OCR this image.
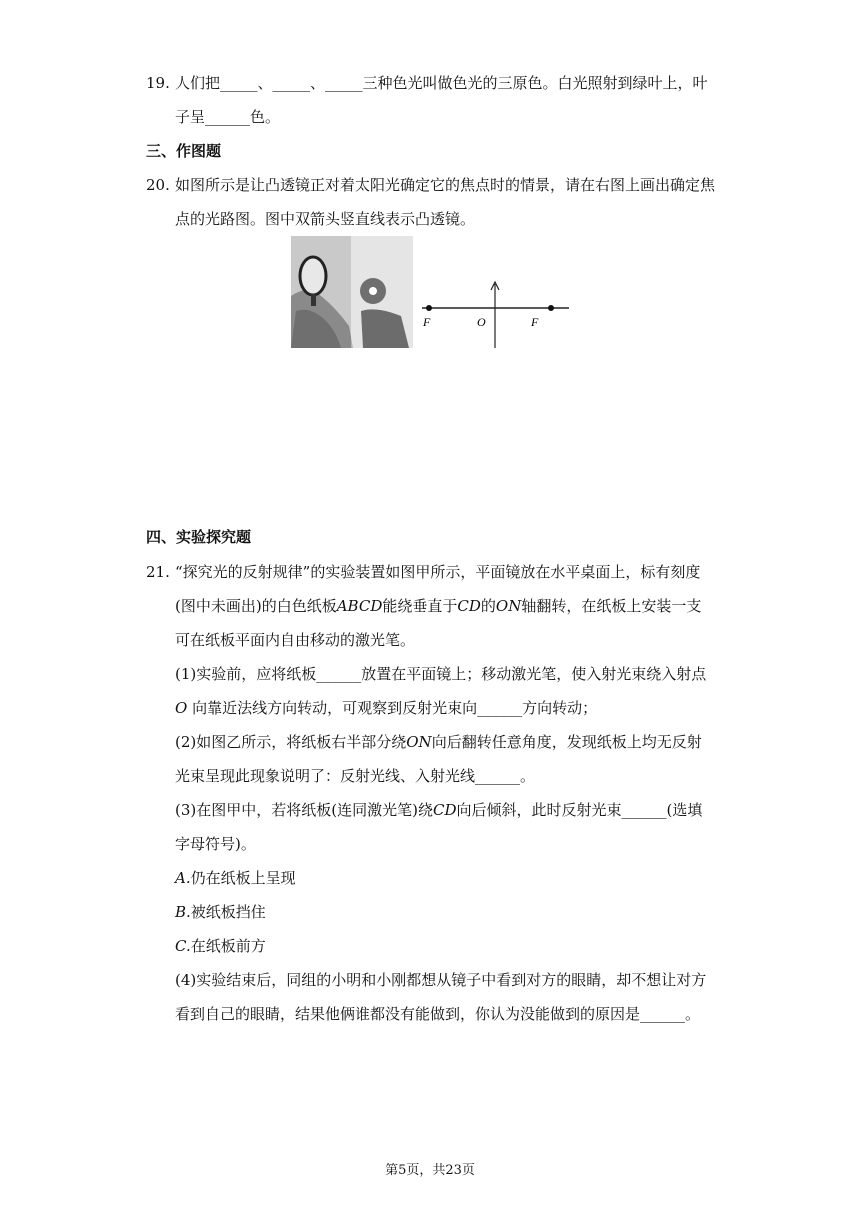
19. 人们把_____、_____、_____三种色光叫做色光的三原色。白光照射到绿叶上，叶
子呈______色。
三、作图题
20. 如图所示是让凸透镜正对着太阳光确定它的焦点时的情景，请在右图上画出确定焦
点的光路图。图中双箭头竖直线表示凸透镜。
F	O	F
四、实验探究题
21. “探究光的反射规律”的实验装置如图甲所示，平面镜放在水平桌面上，标有刻度
(图中未画出)的白色纸板ABCD能绕垂直于CD的ON轴翻转，在纸板上安装一支
可在纸板平面内自由移动的激光笔。
(1)实验前，应将纸板______放置在平面镜上；移动激光笔，使入射光束绕入射点
O 向靠近法线方向转动，可观察到反射光束向______方向转动；
(2)如图乙所示，将纸板右半部分绕ON向后翻转任意角度，发现纸板上均无反射
光束呈现此现象说明了：反射光线、入射光线______。
(3)在图甲中，若将纸板(连同激光笔)绕CD向后倾斜，此时反射光束______(选填
字母符号)。
A.仍在纸板上呈现
B.被纸板挡住
C.在纸板前方
(4)实验结束后，同组的小明和小刚都想从镜子中看到对方的眼睛，却不想让对方
看到自己的眼睛，结果他俩谁都没有能做到，你认为没能做到的原因是______。
第5页，共23页
